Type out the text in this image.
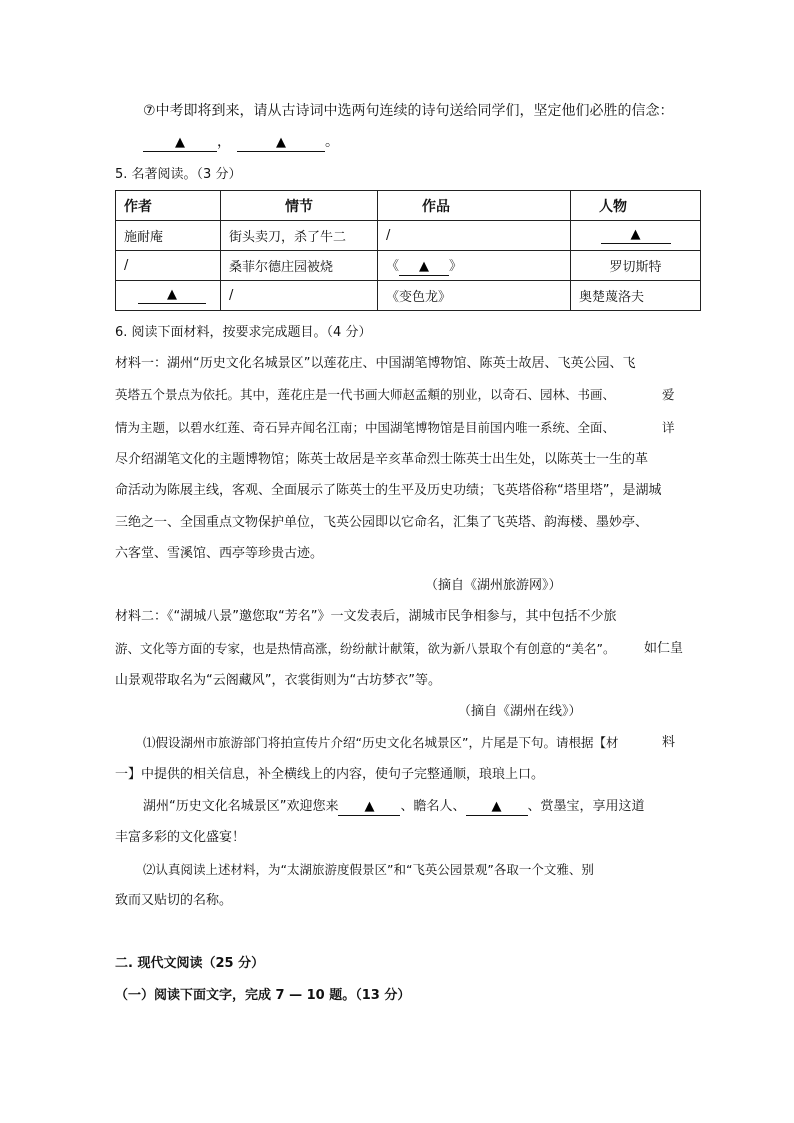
⑦中考即将到来，请从古诗词中选两句连续的诗句送给同学们，坚定他们必胜的信念：
▲ ，	▲	。
5. 名著阅读。（3 分）
作者	情节	作品	人物
施耐庵	街头卖刀，杀了牛二	/	▲
/	桑菲尔德庄园被烧	《 ▲ 》	罗切斯特
▲	/	《变色龙》	奥楚蔑洛夫
6. 阅读下面材料，按要求完成题目。（4 分）
材料一：湖州“历史文化名城景区”以莲花庄、中国湖笔博物馆、陈英士故居、飞英公园、飞
英塔五个景点为依托。其中，莲花庄是一代书画大师赵孟頫的别业，以奇石、园林、书画、	爱
情为主题，以碧水红莲、奇石异卉闻名江南；中国湖笔博物馆是目前国内唯一系统、全面、	详
尽介绍湖笔文化的主题博物馆；陈英士故居是辛亥革命烈士陈英士出生处，以陈英士一生的革
命活动为陈展主线，客观、全面展示了陈英士的生平及历史功绩；飞英塔俗称“塔里塔”，是湖城
三绝之一、全国重点文物保护单位，飞英公园即以它命名，汇集了飞英塔、韵海楼、墨妙亭、
六客堂、雪溪馆、西亭等珍贵古迹。
（摘自《湖州旅游网》）
材料二：《“湖城八景”邀您取“芳名”》一文发表后，湖城市民争相参与，其中包括不少旅
游、文化等方面的专家，也是热情高涨，纷纷献计献策，欲为新八景取个有创意的“美名”。 如仁皇
山景观带取名为“云阁藏风”，衣裳街则为“古坊梦衣”等。
（摘自《湖州在线》）
⑴假设湖州市旅游部门将拍宣传片介绍“历史文化名城景区”，片尾是下句。请根据【材	料
一】中提供的相关信息，补全横线上的内容，使句子完整通顺，琅琅上口。
湖州“历史文化名城景区”欢迎您来 ▲ 、瞻名人、 ▲ 、赏墨宝，享用这道
丰富多彩的文化盛宴！
⑵认真阅读上述材料，为“太湖旅游度假景区”和“飞英公园景观”各取一个文雅、别
致而又贴切的名称。
二. 现代文阅读（25 分）
（一）阅读下面文字，完成 7 — 10 题。（13 分）
